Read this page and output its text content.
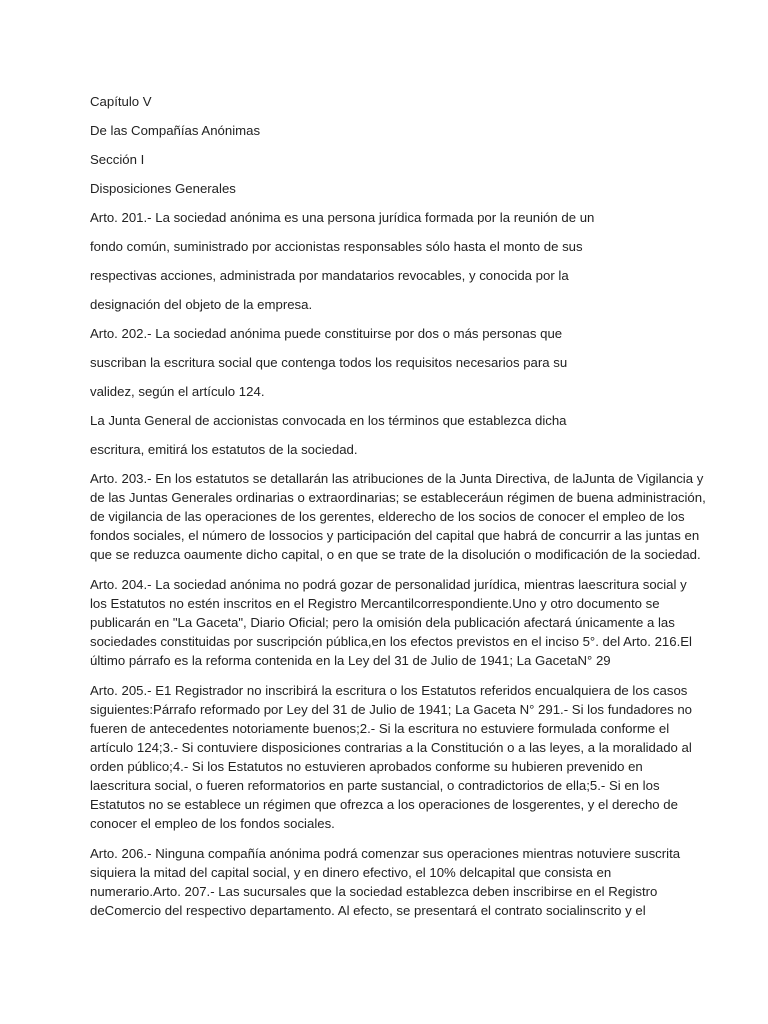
Capítulo V

De las Compañías Anónimas

Sección I

Disposiciones Generales

Arto. 201.- La sociedad anónima es una persona jurídica formada por la reunión de un

fondo común, suministrado por accionistas responsables sólo hasta el monto de sus

respectivas acciones, administrada por mandatarios revocables, y conocida por la

designación del objeto de la empresa.

Arto. 202.- La sociedad anónima puede constituirse por dos o más personas que

suscriban la escritura social que contenga todos los requisitos necesarios para su

validez, según el artículo 124.

La Junta General de accionistas convocada en los términos que establezca dicha

escritura, emitirá los estatutos de la sociedad.

Arto. 203.- En los estatutos se detallarán las atribuciones de la Junta Directiva, de laJunta de Vigilancia y

de las Juntas Generales ordinarias o extraordinarias; se estableceráun régimen de buena administración,

de vigilancia de las operaciones de los gerentes, elderecho de los socios de conocer el empleo de los

fondos sociales, el número de lossocios y participación del capital que habrá de concurrir a las juntas en

que se reduzca oaumente dicho capital, o en que se trate de la disolución o modificación de la sociedad.

Arto. 204.- La sociedad anónima no podrá gozar de personalidad jurídica, mientras laescritura social y

los Estatutos no estén inscritos en el Registro Mercantilcorrespondiente.Uno y otro documento se

publicarán en "La Gaceta", Diario Oficial; pero la omisión dela publicación afectará únicamente a las

sociedades constituidas por suscripción pública,en los efectos previstos en el inciso 5°. del Arto. 216.El

último párrafo es la reforma contenida en la Ley del 31 de Julio de 1941; La GacetaN° 29

Arto. 205.- E1 Registrador no inscribirá la escritura o los Estatutos referidos encualquiera de los casos

siguientes:Párrafo reformado por Ley del 31 de Julio de 1941; La Gaceta N° 291.- Si los fundadores no

fueren de antecedentes notoriamente buenos;2.- Si la escritura no estuviere formulada conforme el

artículo 124;3.- Si contuviere disposiciones contrarias a la Constitución o a las leyes, a la moralidado al

orden público;4.- Si los Estatutos no estuvieren aprobados conforme su hubieren prevenido en

laescritura social, o fueren reformatorios en parte sustancial, o contradictorios de ella;5.- Si en los

Estatutos no se establece un régimen que ofrezca a los operaciones de losgerentes, y el derecho de

conocer el empleo de los fondos sociales.

Arto. 206.- Ninguna compañía anónima podrá comenzar sus operaciones mientras notuviere suscrita

siquiera la mitad del capital social, y en dinero efectivo, el 10% delcapital que consista en

numerario.Arto. 207.- Las sucursales que la sociedad establezca deben inscribirse en el Registro

deComercio del respectivo departamento. Al efecto, se presentará el contrato socialinscrito y el
